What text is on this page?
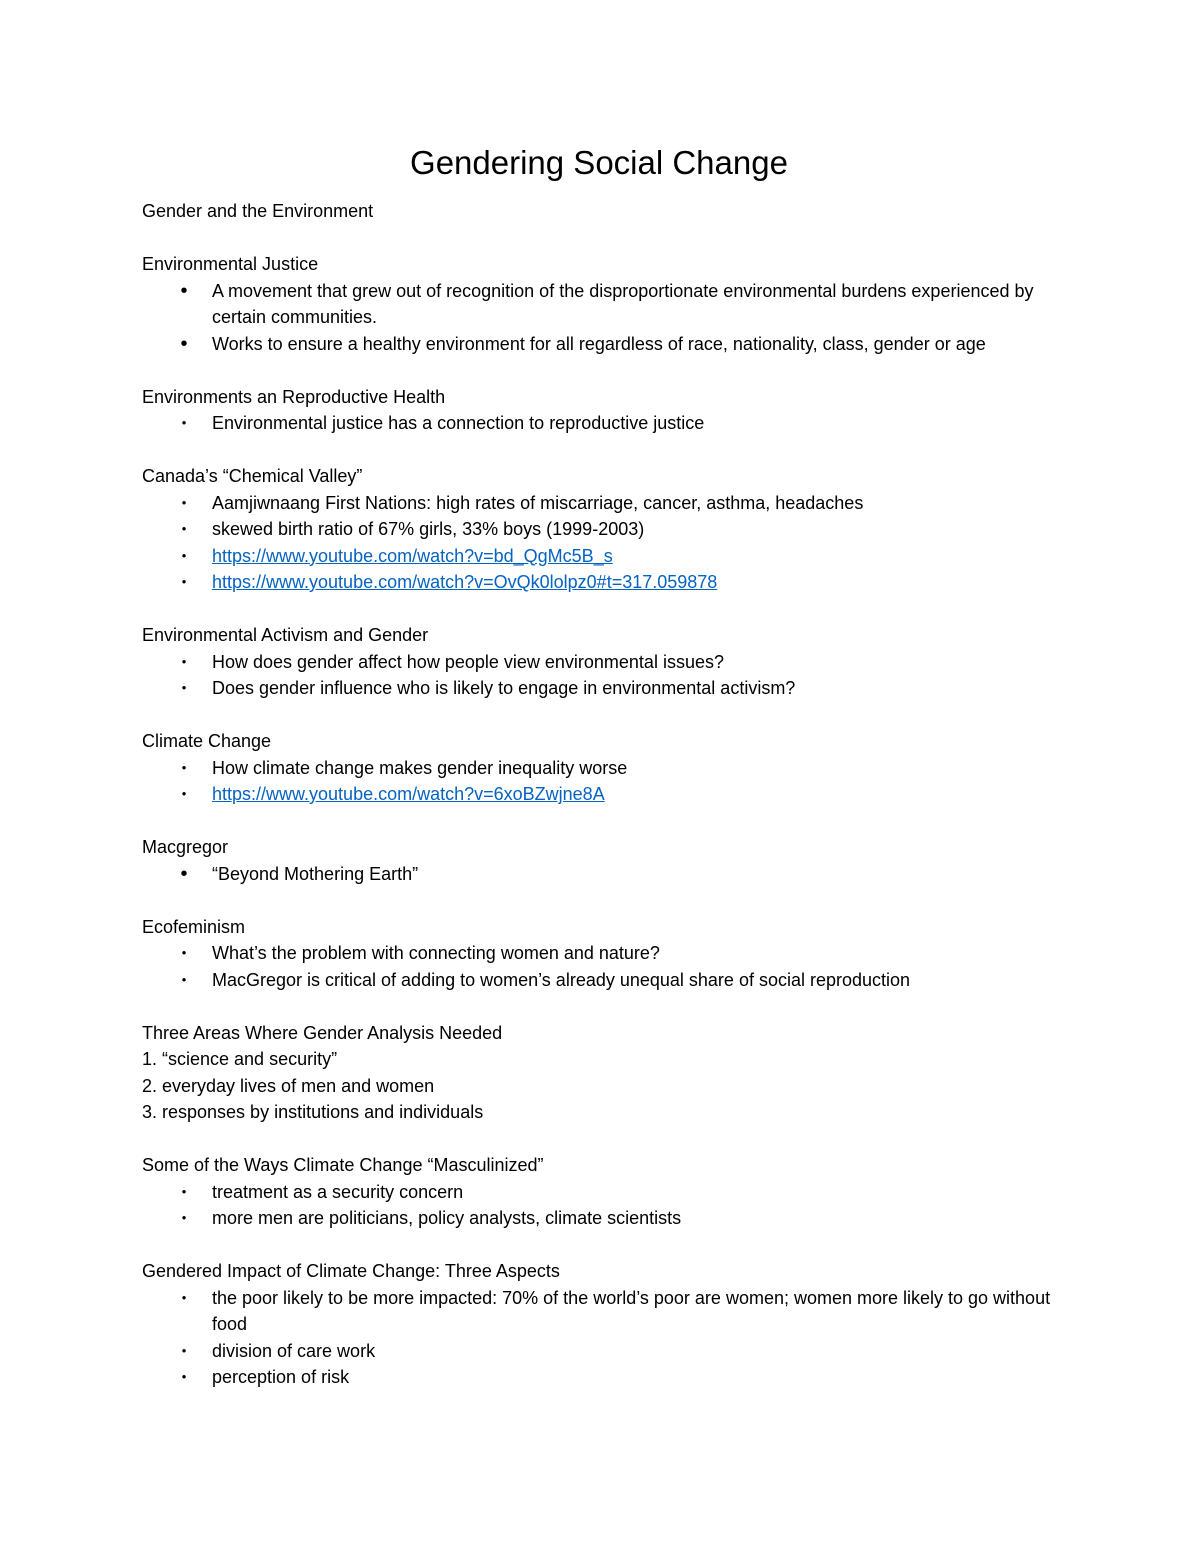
Gendering Social Change

Gender and the Environment

Environmental Justice

•	A movement that grew out of recognition of the disproportionate environmental burdens experienced by certain communities.
•	Works to ensure a healthy environment for all regardless of race, nationality, class, gender or age

Environments an Reproductive Health

•	Environmental justice has a connection to reproductive justice

Canada’s “Chemical Valley”

•	Aamjiwnaang First Nations: high rates of miscarriage, cancer, asthma, headaches
•	skewed birth ratio of 67% girls, 33% boys (1999-2003)
•	https://www.youtube.com/watch?v=bd_QgMc5B_s
•	https://www.youtube.com/watch?v=OvQk0lolpz0#t=317.059878

Environmental Activism and Gender

•	How does gender affect how people view environmental issues?
•	Does gender influence who is likely to engage in environmental activism?

Climate Change

•	How climate change makes gender inequality worse
•	https://www.youtube.com/watch?v=6xoBZwjne8A

Macgregor

•	“Beyond Mothering Earth”

Ecofeminism

•	What’s the problem with connecting women and nature?
•	MacGregor is critical of adding to women’s already unequal share of social reproduction

Three Areas Where Gender Analysis Needed

1. “science and security”
2. everyday lives of men and women
3. responses by institutions and individuals

Some of the Ways Climate Change “Masculinized”

•	treatment as a security concern
•	more men are politicians, policy analysts, climate scientists

Gendered Impact of Climate Change: Three Aspects

•	the poor likely to be more impacted: 70% of the world’s poor are women; women more likely to go without food
•	division of care work
•	perception of risk
